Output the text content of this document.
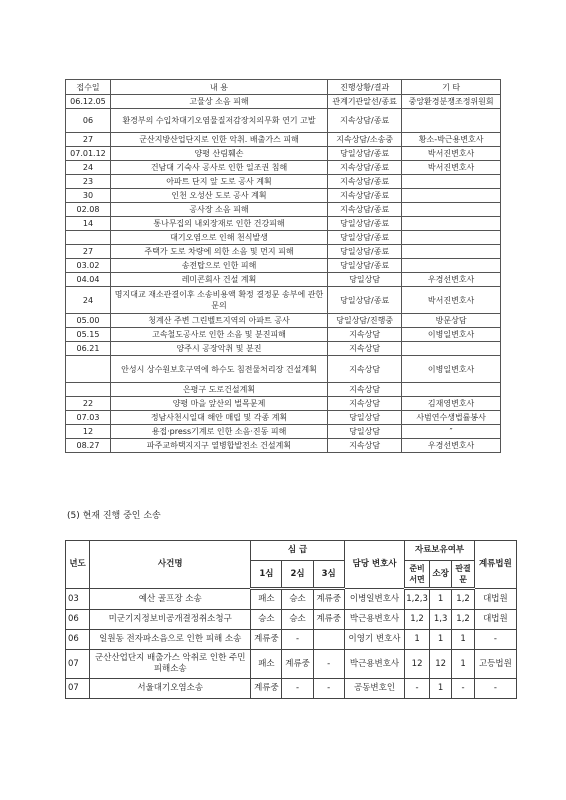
접수일	내 용	진행상황/결과	기 타
06.12.05	고물상 소음 피해	관계기관알선/종료	중앙환경분쟁조정위원회
06	환경부의 수입차대기오염물질저감장치의무화 연기 고발	지속상담/종료	
27	군산지방산업단지로 인한 악취. 배출가스 피해	지속상담/소송중	황소-박근용변호사
07.01.12	양평 산림훼손	당일상담/종료	박서진변호사
24	건남대 기숙사 공사로 인한 일조권 침해	지속상담/종료	박서진변호사
23	아파트 단지 앞 도로 공사 계획	지속상담/종료	
30	인천 오성산 도로 공사 계획	지속상담/종료	
02.08	공사장 소음 피해	지속상담/종료	
14	통나무집의 내외장재로 인한 건강피해	당일상담/종료	
	대기오염으로 인해 천식발생	당일상담/종료	
27	주택가 도로 차량에 의한 소음 및 먼지 피해	당일상담/종료	
03.02	송전탑으로 인한 피해	당일상담/종료	
04.04	레미콘회사 건설 계획	당일상담	우경선변호사
24	명지대교 재소관결이후 소송비용액 확정 결정문 송부에 관한 문의	당일상담/종료	박서진변호사
05.00	청계산 주변 그린벨트지역의 아파트 공사	당일상담/진행중	방문상담
05.15	고속철도공사로 인한 소음 및 분진피해	지속상담	이병일변호사
06.21	양주시 공장악취 및 분진	지속상담	
	안성시 상수원보호구역에 하수도 침전물처리장 건설계획	지속상담	이병일변호사
	은평구 도로건설계획	지속상담	
22	양평 마을 앞산의 벌목문제	지속상담	김재영변호사
07.03	정남사천시일대 해안 매립 및 각종 계획	당일상담	사범연수생법률봉사
12	용접·press기계로 인한 소음·진동 피해	당일상담	″
08.27	파주교하택지지구 열병합발전소 건설계획	지속상담	우경선변호사
(5) 현재 진행 중인 소송
년도	사건명	심 급			담당 변호사	자료보유여부			계류법원
		1심	2심	3심		준비서면	소장	판결문	
03	예산 골프장 소송	패소	승소	계류중	이병일변호사	1,2,3	1	1,2	대법원
06	미군기지정보비공개결정취소청구	승소	승소	계류중	박근용변호사	1,2	1,3	1,2	대법원
06	일원동 전자파소음으로 인한 피해 소송	계류중	-		이영기 변호사	1	1	1	-
07	군산산업단지 배출가스 악취로 인한 주민피해소송	패소	계류중	-	박근용변호사	12	12	1	고등법원
07	서울대기오염소송	계류중	-	-	공동변호인	-	1	-	-
